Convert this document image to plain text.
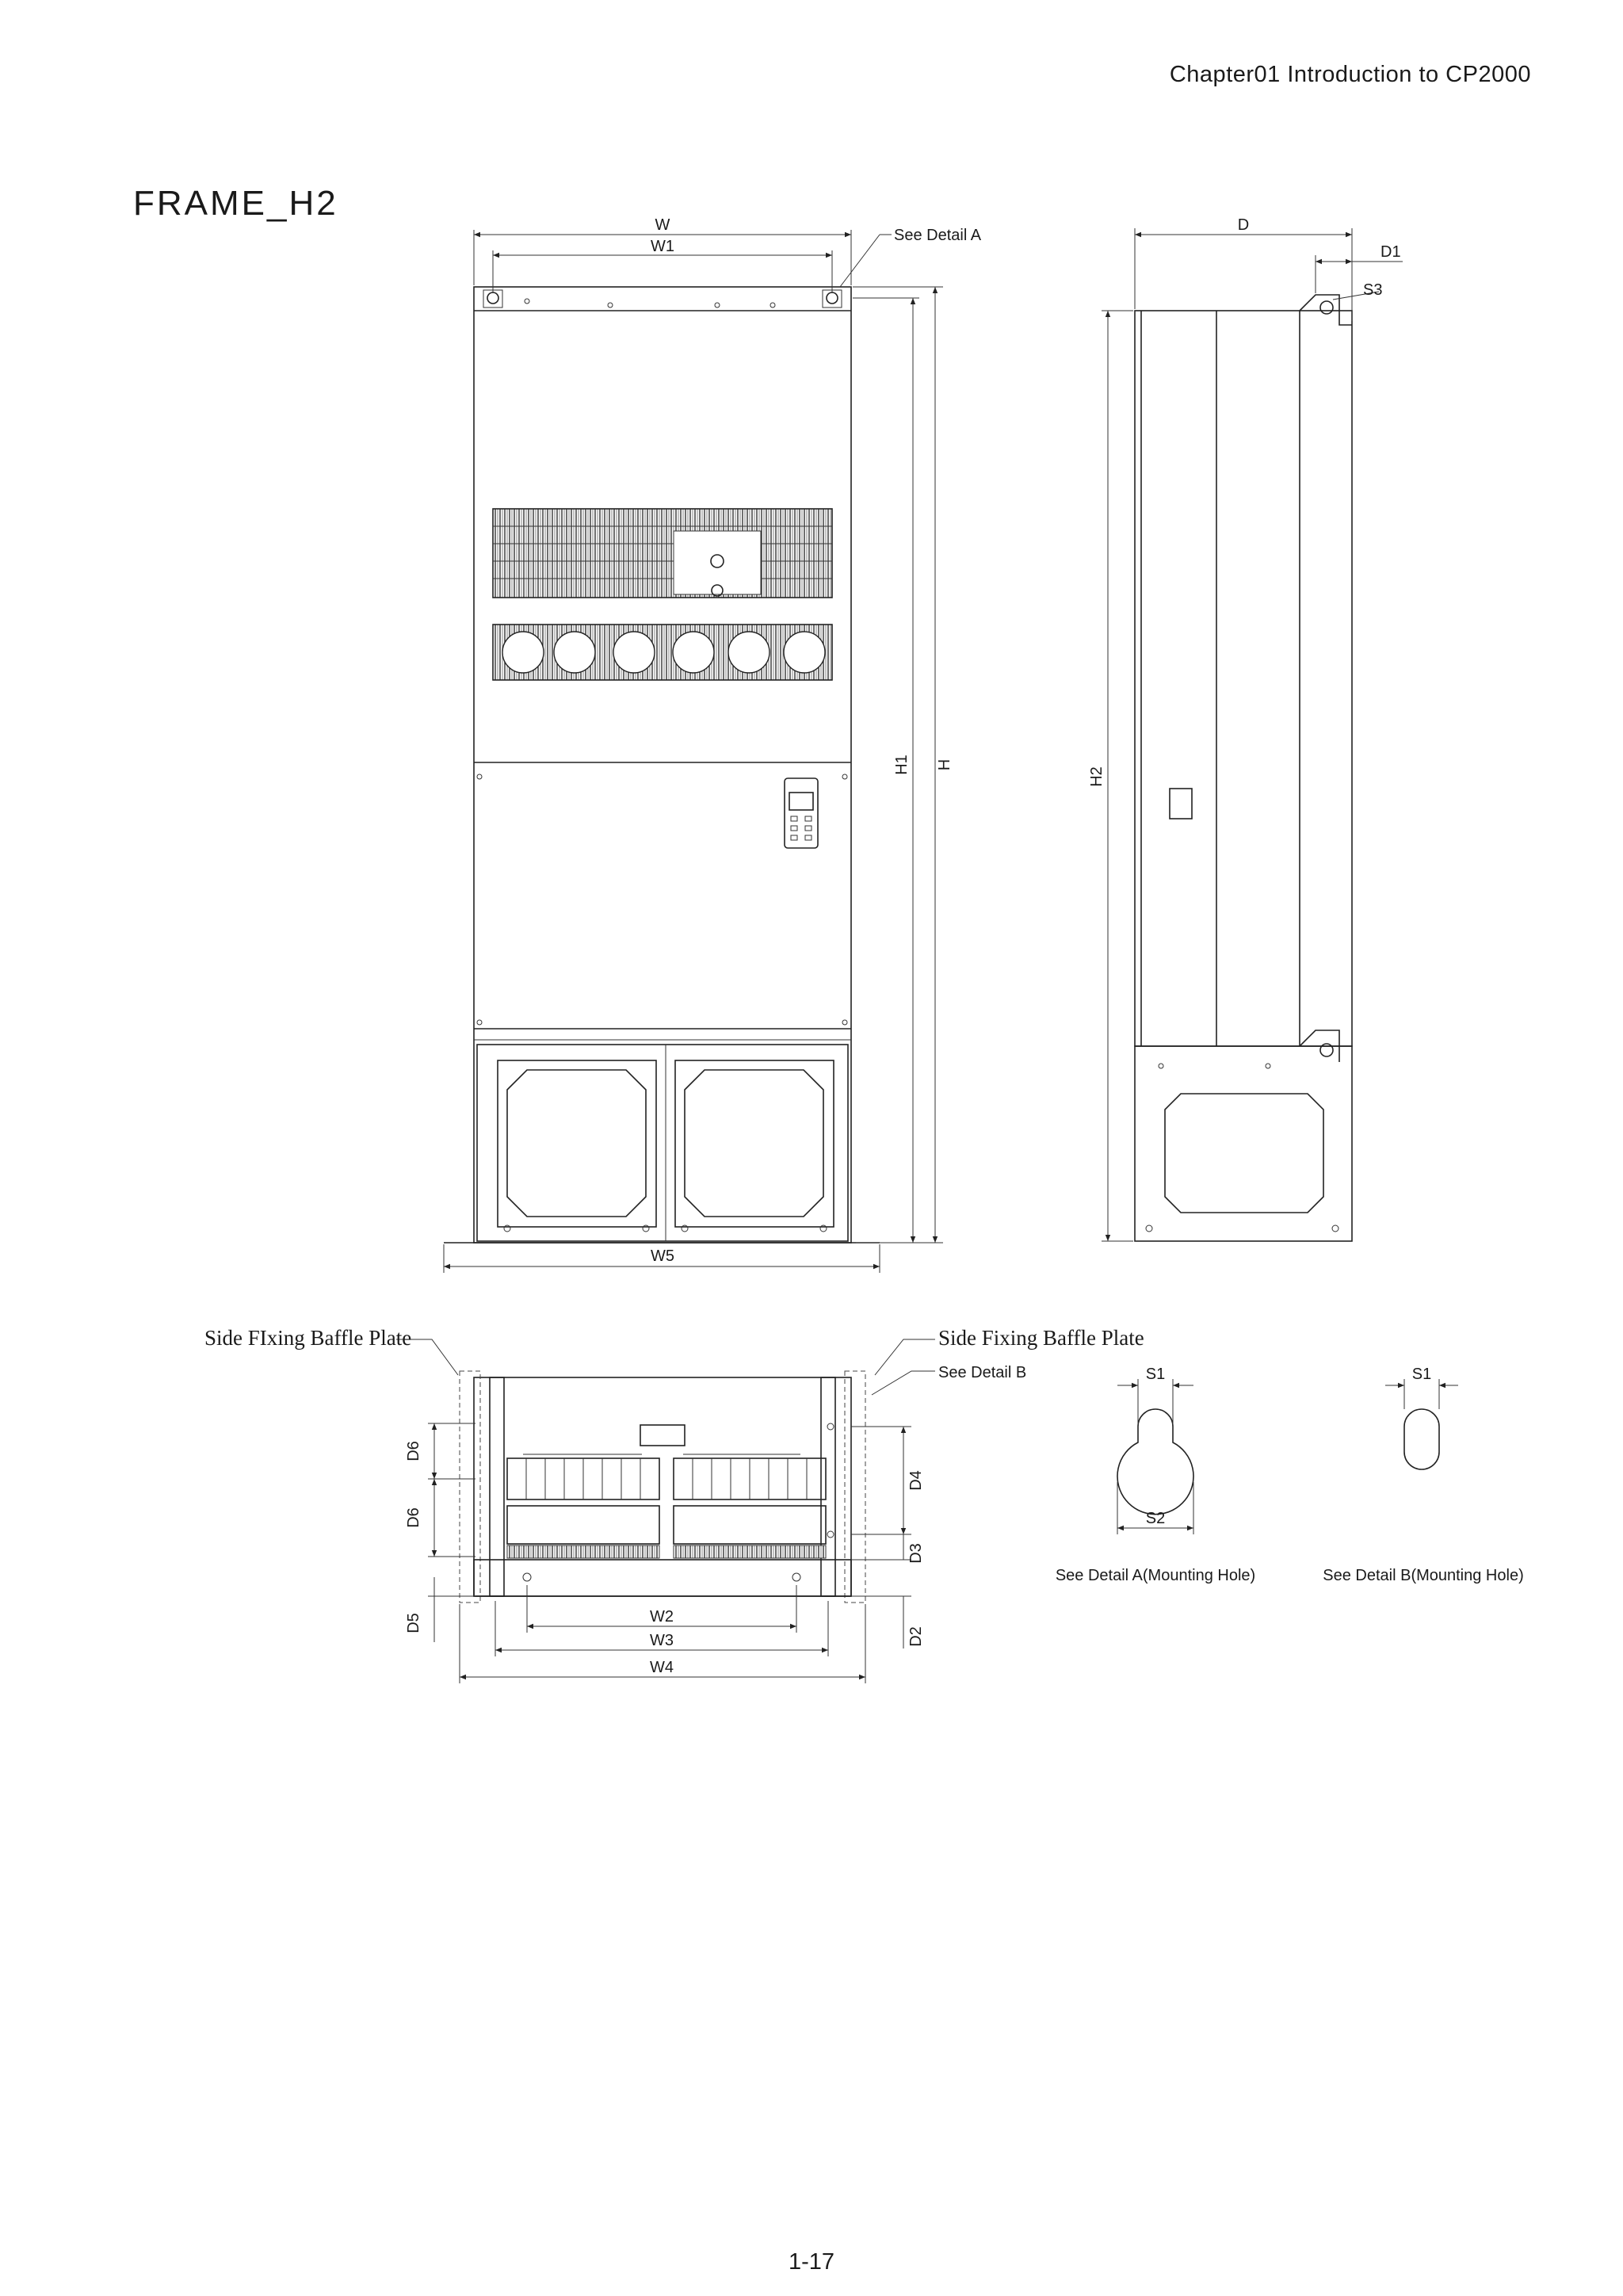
Chapter01 Introduction to CP2000
FRAME_H2
W
W1
See Detail A
H
H1
W5
D
D1
S3
H2
Side FIxing Baffle Plate	Side Fixing Baffle Plate
See Detail B
D6
D6
D5
D4
D3
D2
W2
W3
W4
S1
S2
See Detail A(Mounting Hole)
S1
See Detail B(Mounting Hole)
1-17
